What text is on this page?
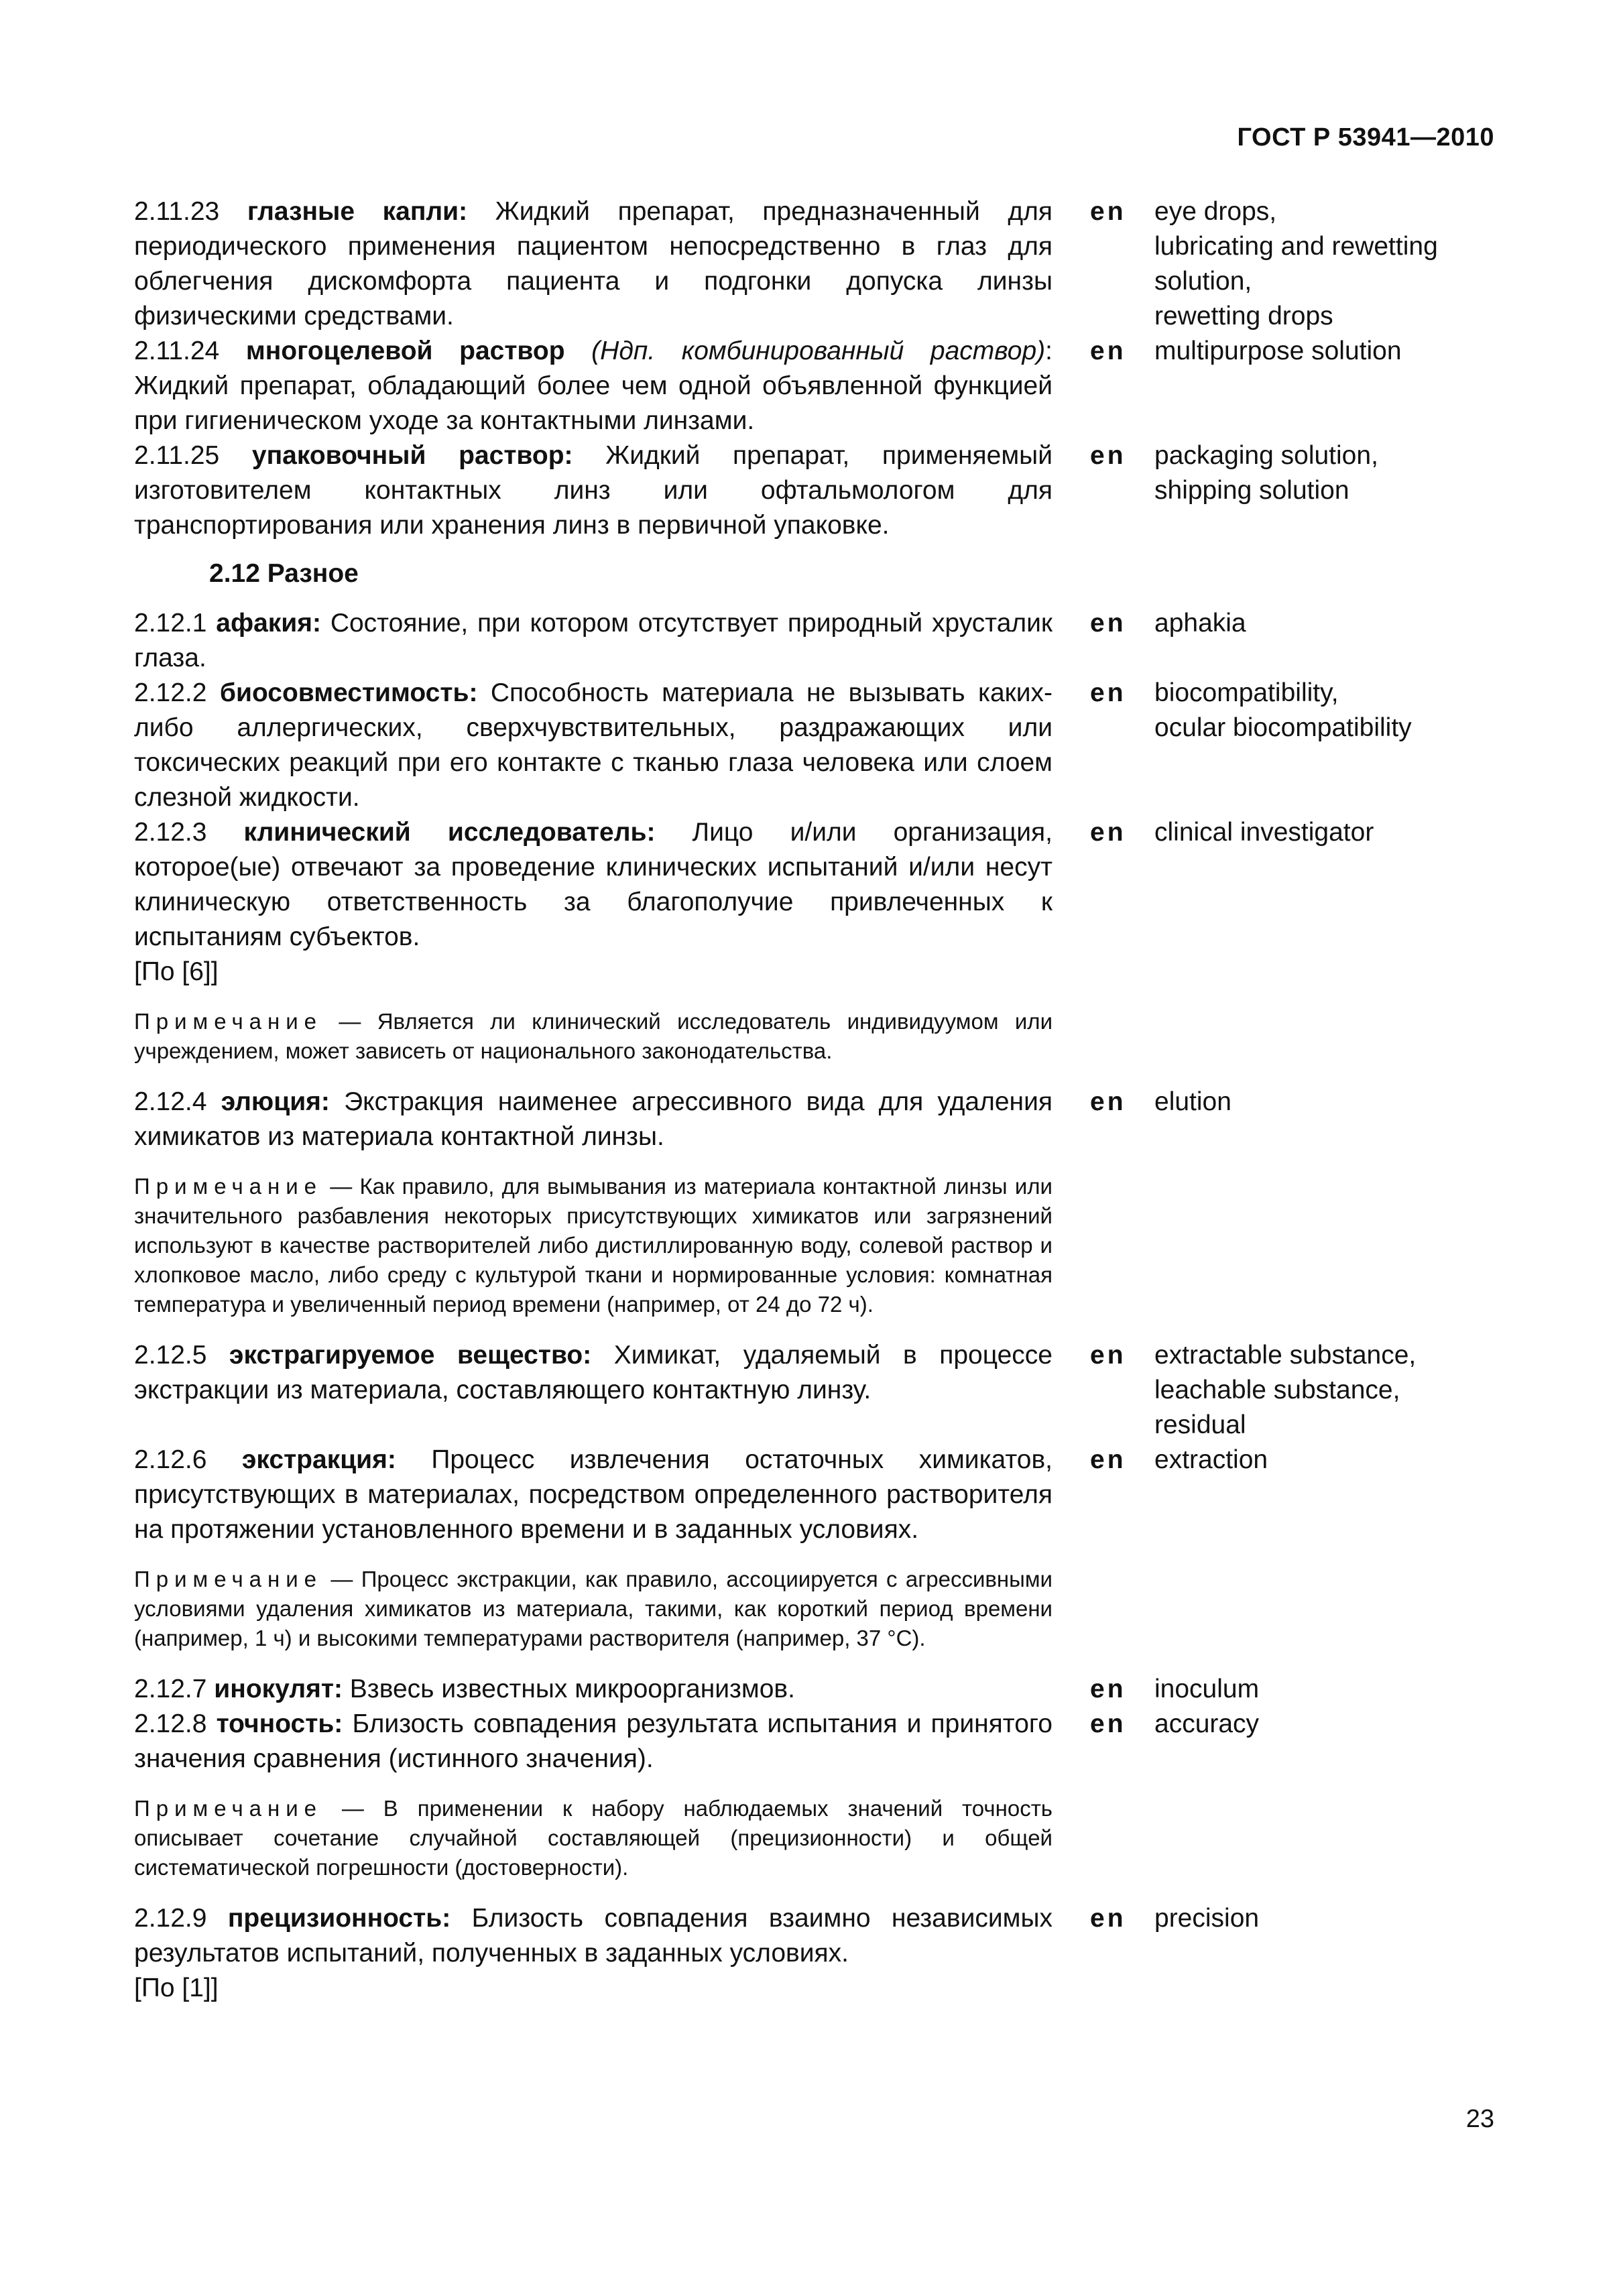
ГОСТ Р 53941—2010
2.11.23 глазные капли: Жидкий препарат, предназначенный для периодического применения пациентом непосредственно в глаз для облегчения дискомфорта пациента и подгонки допуска линзы физическими средствами.
en	eye drops,
lubricating and rewetting
solution,
rewetting drops
2.11.24 многоцелевой раствор (Ндп. комбинированный раствор): Жидкий препарат, обладающий более чем одной объявленной функцией при гигиеническом уходе за контактными линзами.
en	multipurpose solution
2.11.25 упаковочный раствор: Жидкий препарат, применяемый изготовителем контактных линз или офтальмологом для транспортирования или хранения линз в первичной упаковке.
en	packaging solution,
shipping solution
2.12 Разное
2.12.1 афакия: Состояние, при котором отсутствует природный хрусталик глаза.
en	aphakia
2.12.2 биосовместимость: Способность материала не вызывать каких-либо аллергических, сверхчувствительных, раздражающих или токсических реакций при его контакте с тканью глаза человека или слоем слезной жидкости.
en	biocompatibility,
ocular biocompatibility
2.12.3 клинический исследователь: Лицо и/или организация, которое(ые) отвечают за проведение клинических испытаний и/или несут клиническую ответственность за благополучие привлеченных к испытаниям субъектов.
[По [6]]
en	clinical investigator
Примечание — Является ли клинический исследователь индивидуумом или учреждением, может зависеть от национального законодательства.
2.12.4 элюция: Экстракция наименее агрессивного вида для удаления химикатов из материала контактной линзы.
en	elution
Примечание — Как правило, для вымывания из материала контактной линзы или значительного разбавления некоторых присутствующих химикатов или загрязнений используют в качестве растворителей либо дистиллированную воду, солевой раствор и хлопковое масло, либо среду с культурой ткани и нормированные условия: комнатная температура и увеличенный период времени (например, от 24 до 72 ч).
2.12.5 экстрагируемое вещество: Химикат, удаляемый в процессе экстракции из материала, составляющего контактную линзу.
en	extractable substance,
leachable substance,
residual
2.12.6 экстракция: Процесс извлечения остаточных химикатов, присутствующих в материалах, посредством определенного растворителя на протяжении установленного времени и в заданных условиях.
en	extraction
Примечание — Процесс экстракции, как правило, ассоциируется с агрессивными условиями удаления химикатов из материала, такими, как короткий период времени (например, 1 ч) и высокими температурами растворителя (например, 37 °С).
2.12.7 инокулят: Взвесь известных микроорганизмов.	en	inoculum
2.12.8 точность: Близость совпадения результата испытания и принятого значения сравнения (истинного значения).
en	accuracy
Примечание — В применении к набору наблюдаемых значений точность описывает сочетание случайной составляющей (прецизионности) и общей систематической погрешности (достоверности).
2.12.9 прецизионность: Близость совпадения взаимно независимых результатов испытаний, полученных в заданных условиях.
[По [1]]
en	precision
23
